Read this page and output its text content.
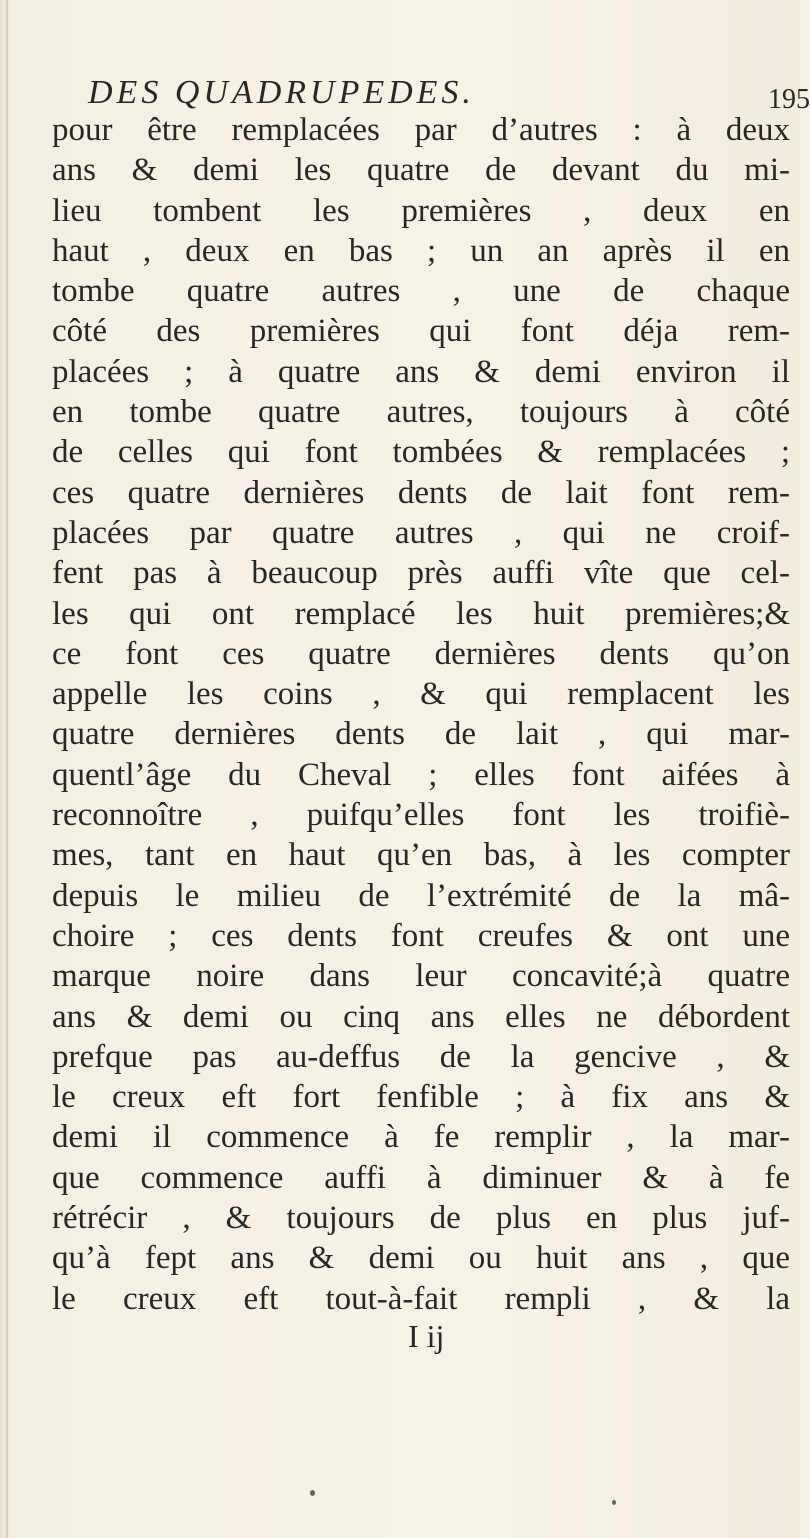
DES QUADRUPEDES.	195
pour être remplacées par d’autres : à deux
ans & demi les quatre de devant du mi-
lieu tombent les premières , deux en
haut , deux en bas ; un an après il en
tombe quatre autres , une de chaque
côté des premières qui font déja rem-
placées ; à quatre ans & demi environ il
en tombe quatre autres, toujours à côté
de celles qui font tombées & remplacées ;
ces quatre dernières dents de lait font rem-
placées par quatre autres , qui ne croif-
fent pas à beaucoup près auffi vîte que cel-
les qui ont remplacé les huit premières;&
ce font ces quatre dernières dents qu’on
appelle les coins , & qui remplacent les
quatre dernières dents de lait , qui mar-
quentl’âge du Cheval ; elles font aifées à
reconnoître , puifqu’elles font les troifiè-
mes, tant en haut qu’en bas, à les compter
depuis le milieu de l’extrémité de la mâ-
choire ; ces dents font creufes & ont une
marque noire dans leur concavité;à quatre
ans & demi ou cinq ans elles ne débordent
prefque pas au-deffus de la gencive , &
le creux eft fort fenfible ; à fix ans &
demi il commence à fe remplir , la mar-
que commence auffi à diminuer & à fe
rétrécir , & toujours de plus en plus juf-
qu’à fept ans & demi ou huit ans , que
le creux eft tout-à-fait rempli , & la
I ij
